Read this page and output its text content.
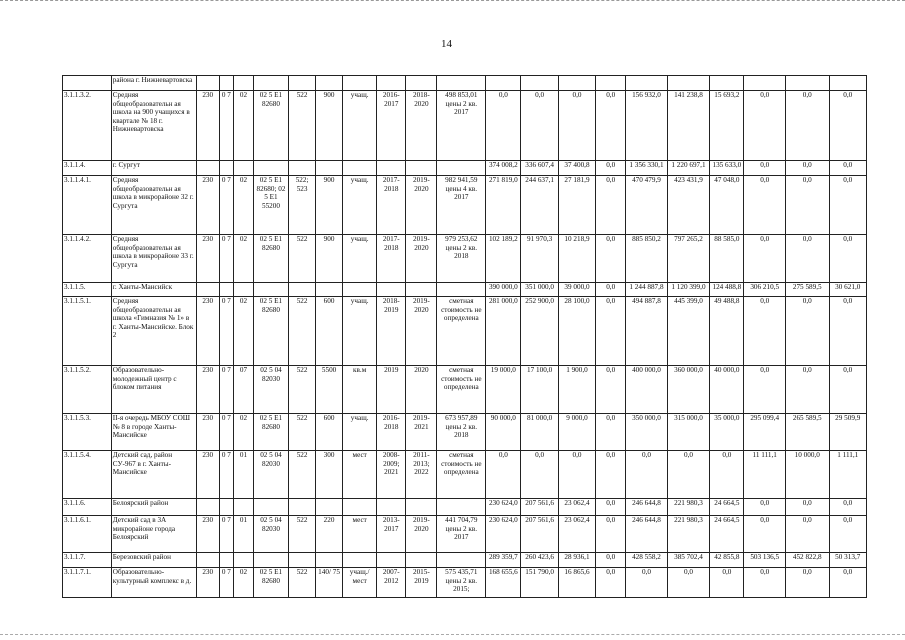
14
	района г. Нижневартовска																				
3.1.1.3.2.	Средняя общеобразовательн ая школа на 900 учащихся в квартале № 18 г. Нижневартовска	230	0 7	02	02 5 Е1 82680	522	900	учащ.	2016-2017	2018-2020	498 853,01 цены 2 кв. 2017	0,0	0,0	0,0	0,0	156 932,0	141 238,8	15 693,2	0,0	0,0	0,0
3.1.1.4.	г. Сургут											374 008,2	336 607,4	37 400,8	0,0	1 356 330,1	1 220 697,1	135 633,0	0,0	0,0	0,0
3.1.1.4.1.	Средняя общеобразовательн ая школа в микрорайоне 32 г. Сургута	230	0 7	02	02 5 Е1 82680; 02 5 Е1 55200	522; 523	900	учащ.	2017-2018	2019-2020	982 941,59 цены 4 кв. 2017	271 819,0	244 637,1	27 181,9	0,0	470 479,9	423 431,9	47 048,0	0,0	0,0	0,0
3.1.1.4.2.	Средняя общеобразовательн ая школа в микрорайоне 33 г. Сургута	230	0 7	02	02 5 Е1 82680	522	900	учащ.	2017-2018	2019-2020	979 253,62 цены 2 кв. 2018	102 189,2	91 970,3	10 218,9	0,0	885 850,2	797 265,2	88 585,0	0,0	0,0	0,0
3.1.1.5.	г. Ханты-Мансийск											390 000,0	351 000,0	39 000,0	0,0	1 244 887,8	1 120 399,0	124 488,8	306 210,5	275 589,5	30 621,0
3.1.1.5.1.	Средняя общеобразовательн ая школа «Гимназия № 1» в г. Ханты-Мансийске. Блок 2	230	0 7	02	02 5 Е1 82680	522	600	учащ.	2018-2019	2019-2020	сметная стоимость не определена	281 000,0	252 900,0	28 100,0	0,0	494 887,8	445 399,0	49 488,8	0,0	0,0	0,0
3.1.1.5.2.	Образовательно-молодежный центр с блоком питания	230	0 7	07	02 5 04 82030	522	5500	кв.м	2019	2020	сметная стоимость не определена	19 000,0	17 100,0	1 900,0	0,0	400 000,0	360 000,0	40 000,0	0,0	0,0	0,0
3.1.1.5.3.	II-я очередь МБОУ СОШ № 8 в городе Ханты-Мансийске	230	0 7	02	02 5 Е1 82680	522	600	учащ.	2016-2018	2019-2021	673 957,89 цены 2 кв. 2018	90 000,0	81 000,0	9 000,0	0,0	350 000,0	315 000,0	35 000,0	295 099,4	265 589,5	29 509,9
3.1.1.5.4.	Детский сад, район СУ-967 в г. Ханты-Мансийске	230	0 7	01	02 5 04 82030	522	300	мест	2008-2009; 2021	2011-2013; 2022	сметная стоимость не определена	0,0	0,0	0,0	0,0	0,0	0,0	0,0	11 111,1	10 000,0	1 111,1
3.1.1.6.	Белоярский район											230 624,0	207 561,6	23 062,4	0,0	246 644,8	221 980,3	24 664,5	0,0	0,0	0,0
3.1.1.6.1.	Детский сад в 3А микрорайоне города Белоярский	230	0 7	01	02 5 04 82030	522	220	мест	2013-2017	2019-2020	441 704,79 цены 2 кв. 2017	230 624,0	207 561,6	23 062,4	0,0	246 644,8	221 980,3	24 664,5	0,0	0,0	0,0
3.1.1.7.	Березовский район											289 359,7	260 423,6	28 936,1	0,0	428 558,2	385 702,4	42 855,8	503 136,5	452 822,8	50 313,7
3.1.1.7.1.	Образовательно-культурный комплекс в д.	230	0 7	02	02 5 Е1 82680	522	140/ 75	учащ./ мест	2007-2012	2015-2019	575 435,71 цены 2 кв. 2015;	168 655,6	151 790,0	16 865,6	0,0	0,0	0,0	0,0	0,0	0,0	0,0
